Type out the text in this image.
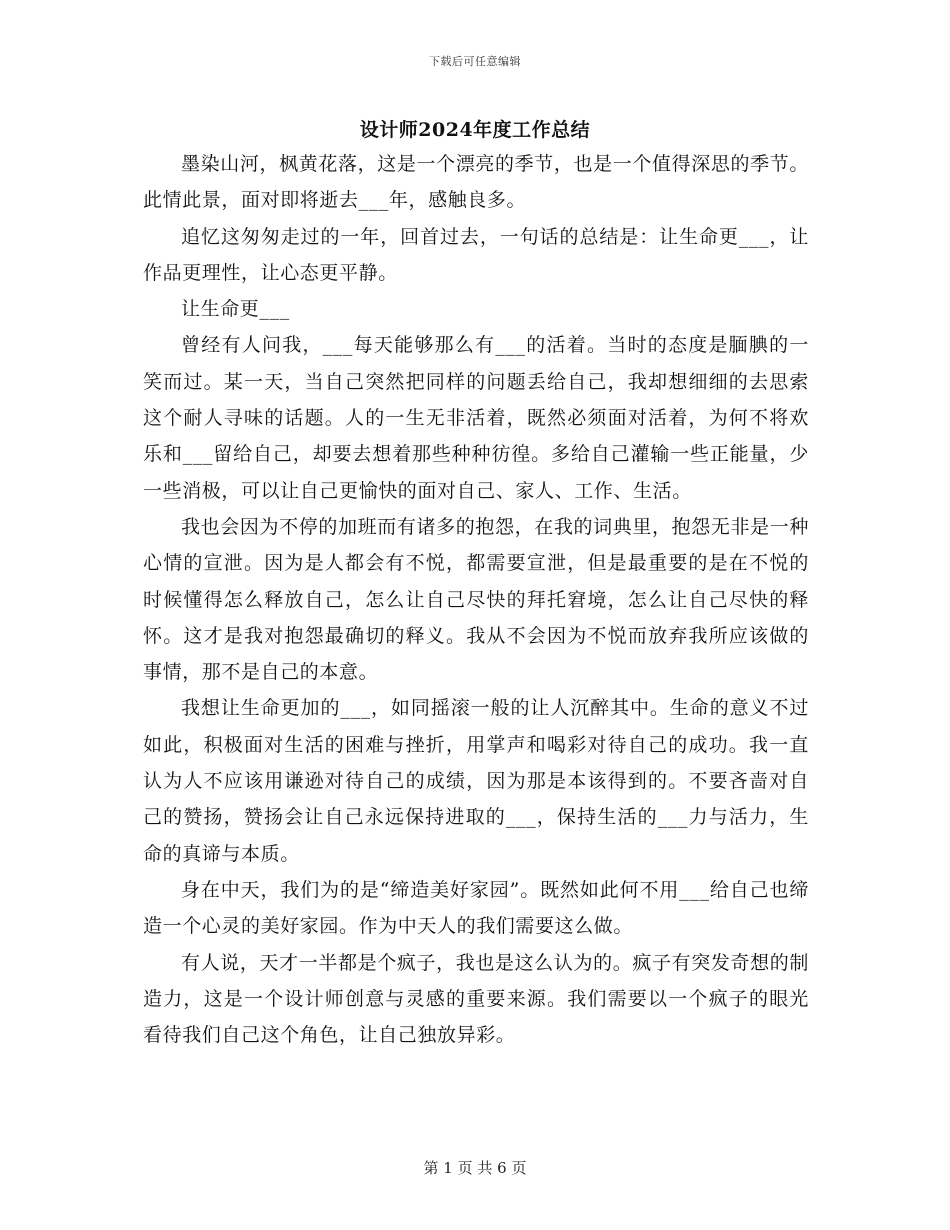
下载后可任意编辑
设计师2024年度工作总结

墨染山河，枫黄花落，这是一个漂亮的季节，也是一个值得深思的季节。此情此景，面对即将逝去___年，感触良多。

追忆这匆匆走过的一年，回首过去，一句话的总结是：让生命更___，让作品更理性，让心态更平静。

让生命更___

曾经有人问我，___每天能够那么有___的活着。当时的态度是腼腆的一笑而过。某一天，当自己突然把同样的问题丢给自己，我却想细细的去思索这个耐人寻味的话题。人的一生无非活着，既然必须面对活着，为何不将欢乐和___留给自己，却要去想着那些种种彷徨。多给自己灌输一些正能量，少一些消极，可以让自己更愉快的面对自己、家人、工作、生活。

我也会因为不停的加班而有诸多的抱怨，在我的词典里，抱怨无非是一种心情的宣泄。因为是人都会有不悦，都需要宣泄，但是最重要的是在不悦的时候懂得怎么释放自己，怎么让自己尽快的拜托窘境，怎么让自己尽快的释怀。这才是我对抱怨最确切的释义。我从不会因为不悦而放弃我所应该做的事情，那不是自己的本意。

我想让生命更加的___，如同摇滚一般的让人沉醉其中。生命的意义不过如此，积极面对生活的困难与挫折，用掌声和喝彩对待自己的成功。我一直认为人不应该用谦逊对待自己的成绩，因为那是本该得到的。不要吝啬对自己的赞扬，赞扬会让自己永远保持进取的___，保持生活的___力与活力，生命的真谛与本质。

身在中天，我们为的是“缔造美好家园”。既然如此何不用___给自己也缔造一个心灵的美好家园。作为中天人的我们需要这么做。

有人说，天才一半都是个疯子，我也是这么认为的。疯子有突发奇想的制造力，这是一个设计师创意与灵感的重要来源。我们需要以一个疯子的眼光看待我们自己这个角色，让自己独放异彩。

第 1 页 共 6 页
